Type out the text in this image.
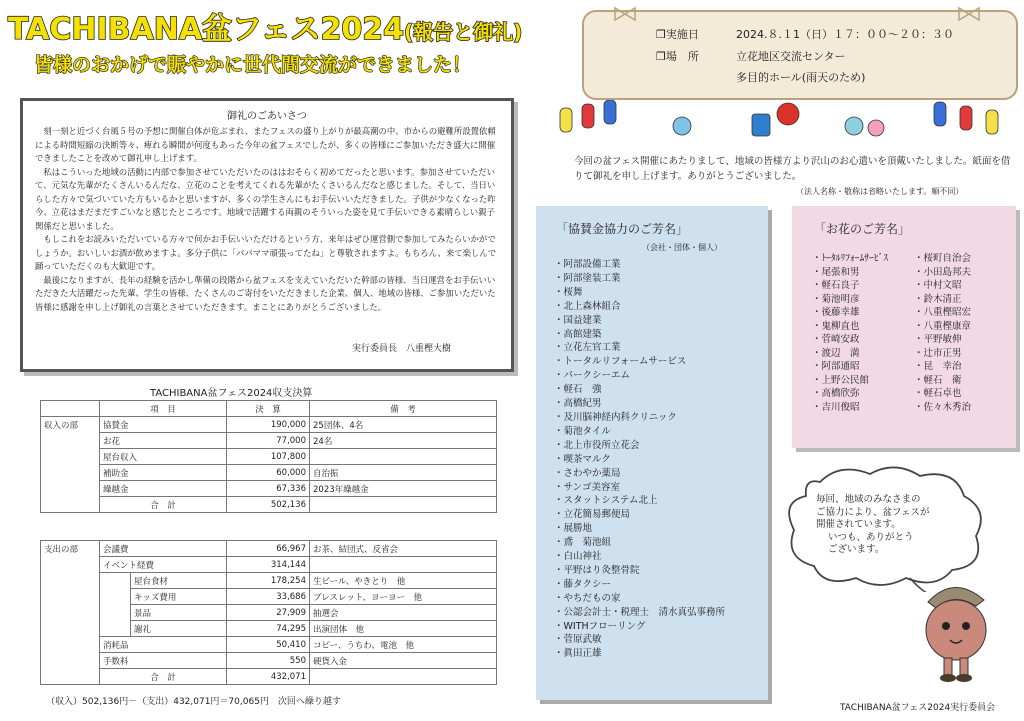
TACHIBANA盆フェス2024(報告と御礼)
皆様のおかげで賑やかに世代間交流ができました！
御礼のごあいさつ

刻一刻と近づく台風５号の予想に開催自体が危ぶまれ、またフェスの盛り上がりが最高潮の中、市からの避難所設置依頼による時間短縮の決断等々、痺れる瞬間が何度もあった今年の盆フェスでしたが、多くの皆様にご参加いただき盛大に開催できましたことを改めて御礼申し上げます。

私はこういった地域の活動に内部で参加させていただいたのははおそらく初めてだったと思います。参加させていただいて、元気な先輩がたくさんいるんだな、立花のことを考えてくれる先輩がたくさいるんだなと感じました。そして、当日いらした方々で気づいていた方もいるかと思いますが、多くの学生さんにもお手伝いいただきました。子供が少なくなった昨今、立花はまだまだすごいなと感じたところです。地域で活躍する両親のそういった姿を見て手伝いできる素晴らしい親子関係だと思いました。

もしこれをお読みいただいている方々で何かお手伝いいただけるという方、来年はぜひ運営側で参加してみたらいかがでしょうか。おいしいお酒が飲めますよ。多分子供に「パパママ頑張ってたね」と尊敬されますよ。もちろん、来て楽しんで踊っていただくのも大歓迎です。

最後になりますが、長年の経験を活かし準備の段階から盆フェスを支えていただいた幹部の皆様、当日運営をお手伝いいただきた大活躍だった先輩、学生の皆様、たくさんのご寄付をいただきました企業、個人、地域の皆様、ご参加いただいた皆様に感謝を申し上げ御礼の言葉とさせていただきます。まことにありがとうございました。

実行委員長　八重樫大樹
TACHIBANA盆フェス2024収支決算
	項　目	決　算	備　考
収入の部	協賛金	190,000	25団体、4名
	お花	77,000	24名
	屋台収入	107,800	
	補助金	60,000	自治振
	繰越金	67,336	2023年繰越金
	合　計	502,136	
支出の部	会議費		66,967	お茶、結団式、反省会
	イベント経費		314,144	
		屋台食材	178,254	生ビール、やきとり　他
		キッズ費用	33,686	ブレスレット、ヨーヨー　他
		景品	27,909	抽選会
		謝礼	74,295	出演団体　他
	消耗品		50,410	コピー、うちわ、電池　他
	手数料		550	硬貨入金
	合　計		432,071	
（収入）502,136円－（支出）432,071円＝70,065円　次回へ繰り越す
❒実施日	2024.８.１1（日）１７：００〜２０：３０
❒場　所	立花地区交流センター
多目的ホール(雨天のため)
今回の盆フェス開催にあたりまして、地域の皆様方より沢山のお心遣いを頂戴いたしました。紙面を借りて御礼を申し上げます。ありがとうございました。
（法人名称・敬称は省略いたします。順不同）
「協賛金協力のご芳名」
（会社・団体・個人）
・阿部設備工業
・阿部塗装工業
・桜舞
・北上森林組合
・国益建業
・高館建築
・立花左官工業
・トータルリフォームサービス
・パークシーエム
・軽石　強
・高橋紀男
・及川脳神経内科クリニック
・菊池タイル
・北上市役所立花会
・喫茶マルク
・さわやか薬局
・サンゴ美容室
・スタットシステム北上
・立花簡易郵便局
・展勝地
・鳶　菊池組
・白山神社
・平野はり灸整骨院
・藤タクシー
・やちだもの家
・公認会計士・税理士　清水真弘事務所
・WITHフローリング
・菅原武敏
・眞田正雄
「お花のご芳名」
・ﾄｰﾀﾙﾘﾌｫｰﾑｻｰﾋﾞｽ
・尾張和男
・軽石良子
・菊池明彦
・後藤幸雄
・鬼柳直也
・菅崎安政
・渡辺　満
・阿部通昭
・上野公民館
・高橋欣弥
・吉川俊昭
・桜町自治会
・小田島邦夫
・中村文昭
・鈴木清正
・八重樫昭宏
・八重樫康章
・平野敏伸
・辻市正男
・昆　幸治
・軽石　衛
・軽石卓也
・佐々木秀治
毎回、地域のみなさまの
ご協力により、盆フェスが
開催されています。
いつも、ありがとう
ございます。
TACHIBANA盆フェス2024実行委員会
